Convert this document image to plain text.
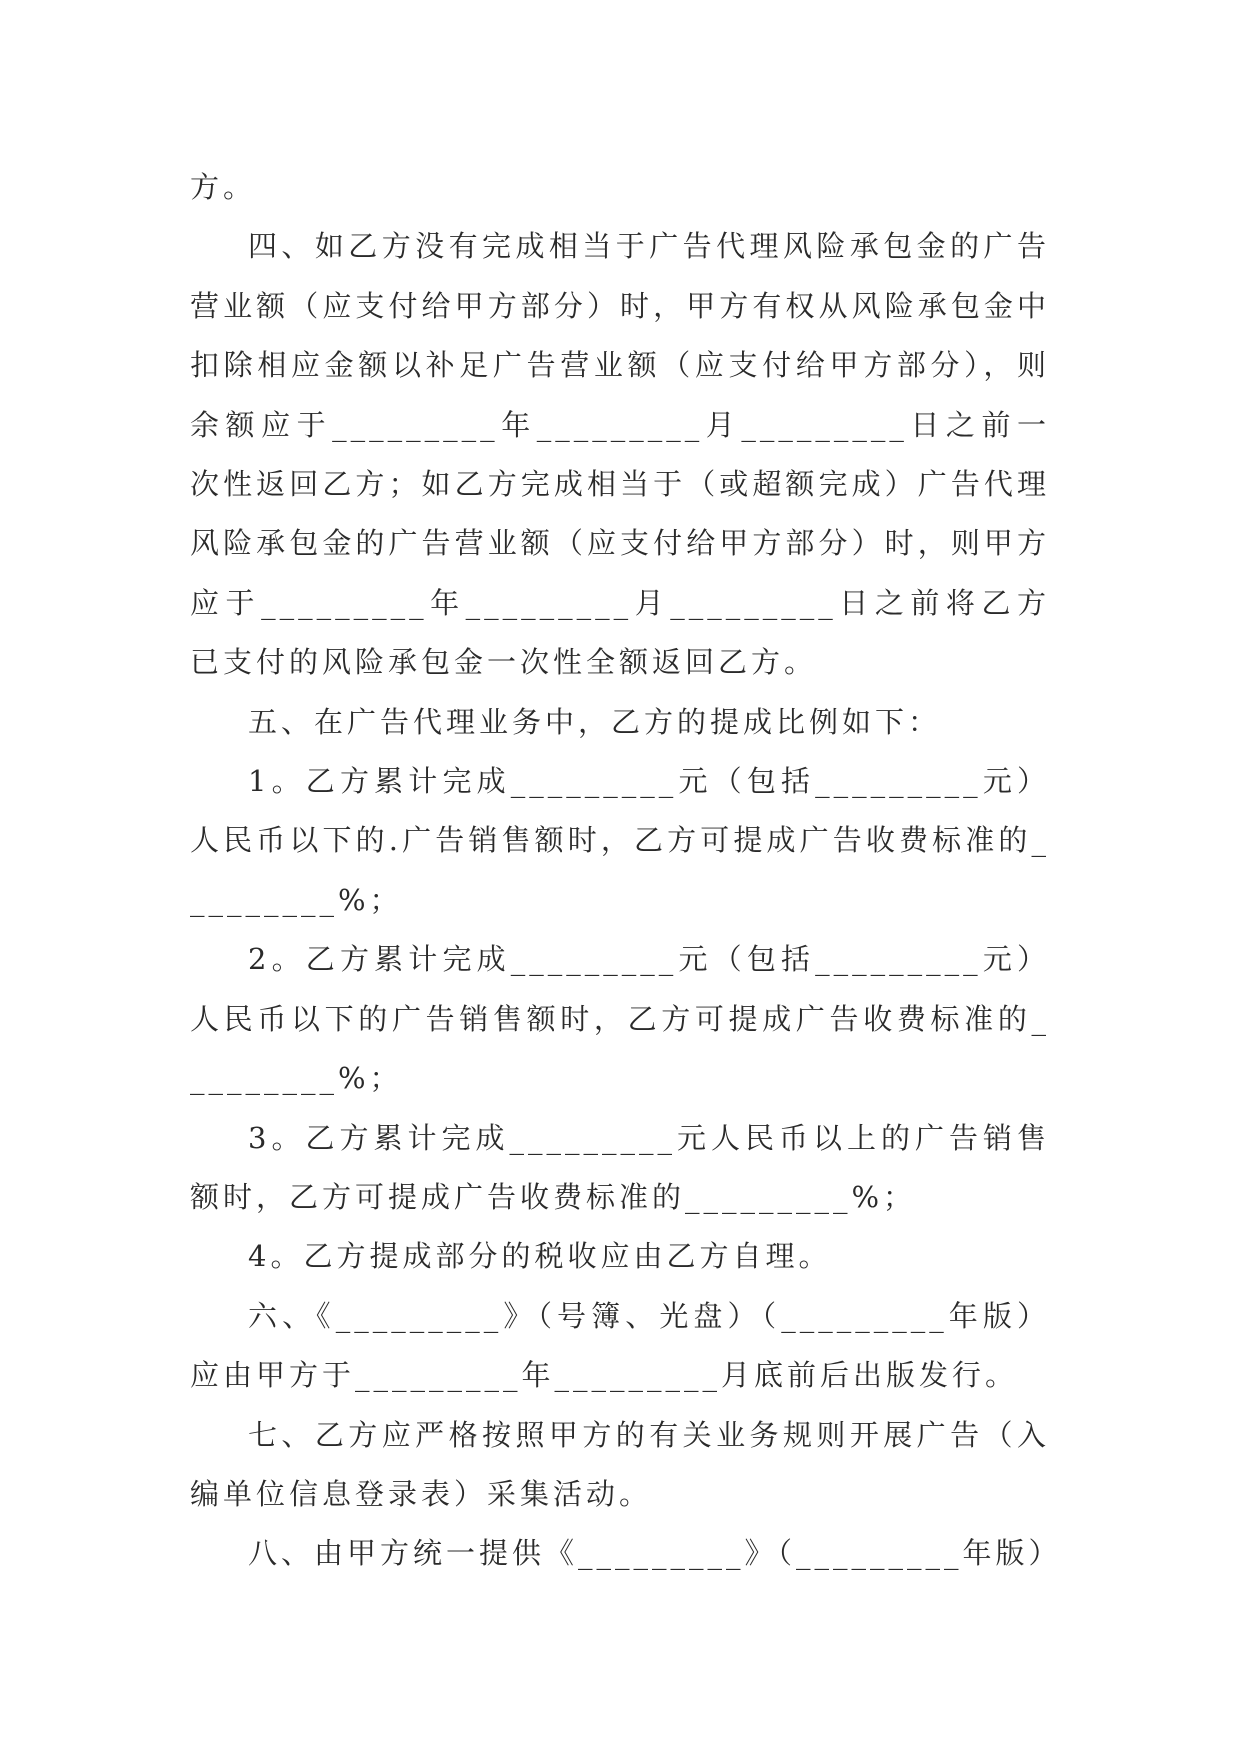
方。

四、如乙方没有完成相当于广告代理风险承包金的广告营业额（应支付给甲方部分）时，甲方有权从风险承包金中扣除相应金额以补足广告营业额（应支付给甲方部分），则余额应于_________年_________月_________日之前一次性返回乙方；如乙方完成相当于（或超额完成）广告代理风险承包金的广告营业额（应支付给甲方部分）时，则甲方应于_________年_________月_________日之前将乙方已支付的风险承包金一次性全额返回乙方。

五、在广告代理业务中，乙方的提成比例如下：

1。乙方累计完成_________元（包括_________元）人民币以下的.广告销售额时，乙方可提成广告收费标准的_________%；

2。乙方累计完成_________元（包括_________元）人民币以下的广告销售额时，乙方可提成广告收费标准的_________%；

3。乙方累计完成_________元人民币以上的广告销售额时，乙方可提成广告收费标准的_________%；

4。乙方提成部分的税收应由乙方自理。

六、《_________》（号簿、光盘）（_________年版）应由甲方于_________年_________月底前后出版发行。

七、乙方应严格按照甲方的有关业务规则开展广告（入编单位信息登录表）采集活动。

八、由甲方统一提供《_________》（_________年版）
